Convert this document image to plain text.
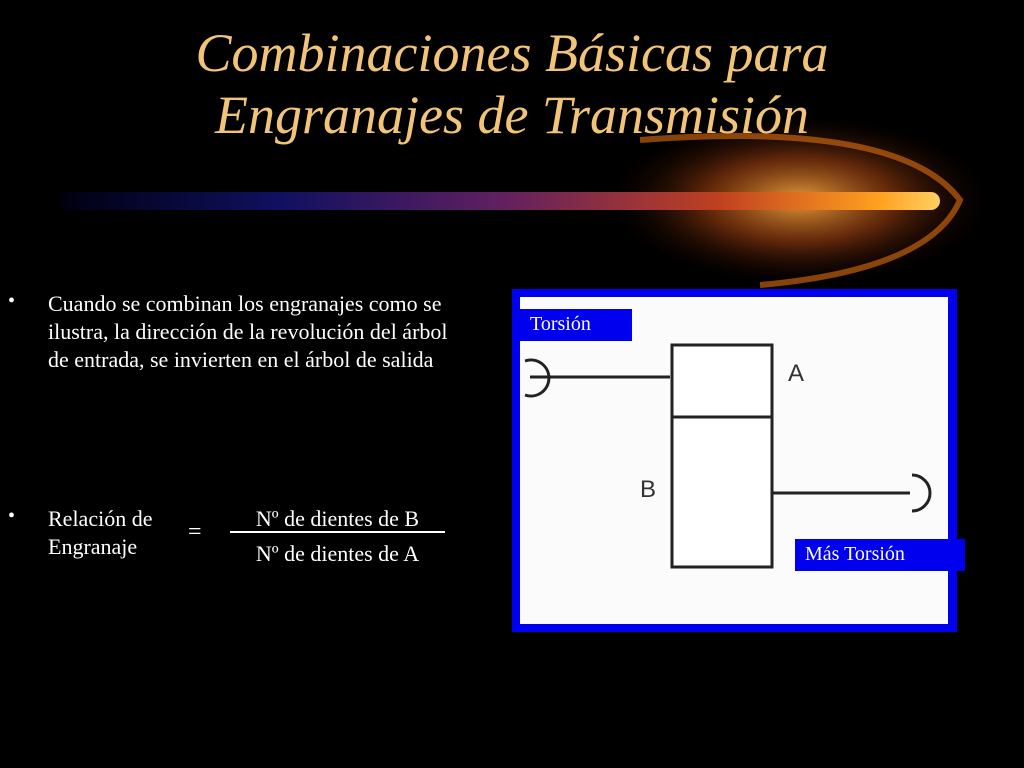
Combinaciones Básicas para
Engranajes de Transmisión
• Cuando se combinan los engranajes como se ilustra, la dirección de la revolución del árbol de entrada, se invierten en el árbol de salida
• Relación de Engranaje
=
Nº de dientes de B
Nº de dientes de A
A
B
Torsión
Más Torsión
